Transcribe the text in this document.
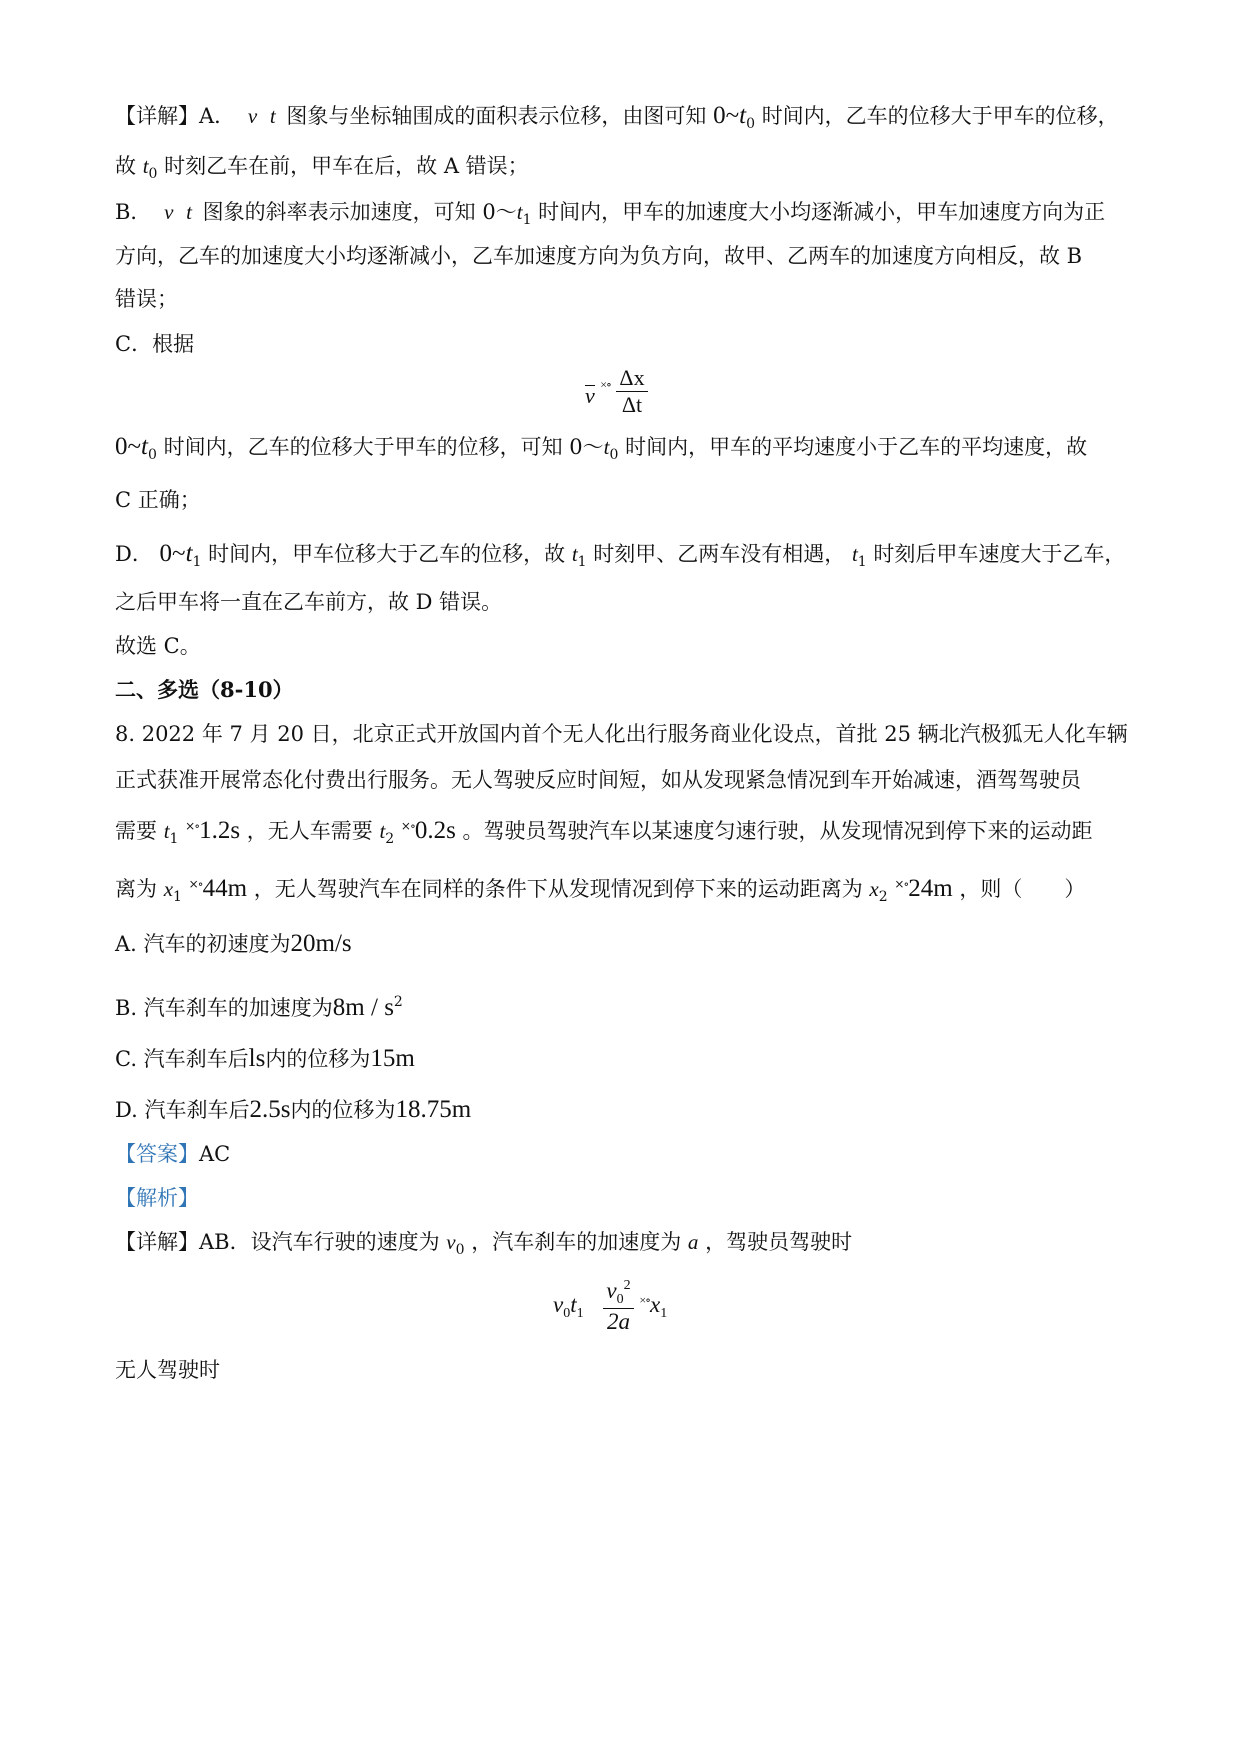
【详解】A． v t 图象与坐标轴围成的面积表示位移，由图可知 $0\sim t_0$ 时间内，乙车的位移大于甲车的位移，
故 $t_0$ 时刻乙车在前，甲车在后，故 A 错误；
B． v t 图象的斜率表示加速度，可知 $0\sim t_1$ 时间内，甲车的加速度大小均逐渐减小，甲车加速度方向为正
方向，乙车的加速度大小均逐渐减小，乙车加速度方向为负方向，故甲、乙两车的加速度方向相反，故 B
错误；
C．根据
v $^{\times\circ} \frac{\Delta x}{\Delta t}$
$0\sim t_0$ 时间内，乙车的位移大于甲车的位移，可知 $0\sim t_0$ 时间内，甲车的平均速度小于乙车的平均速度，故
C 正确；
D． $0\sim t_1$ 时间内，甲车位移大于乙车的位移，故 $t_1$ 时刻甲、乙两车没有相遇， $t_1$ 时刻后甲车速度大于乙车，
之后甲车将一直在乙车前方，故 D 错误。
故选 C。
二、多选（8-10）
8. 2022 年 7 月 20 日，北京正式开放国内首个无人化出行服务商业化设点，首批 25 辆北汽极狐无人化车辆
正式获准开展常态化付费出行服务。无人驾驶反应时间短，如从发现紧急情况到车开始减速，酒驾驾驶员
需要 $t_1$ ×∘1.2s ，无人车需要 $t_2$ ×∘0.2s 。驾驶员驾驶汽车以某速度匀速行驶，从发现情况到停下来的运动距
离为 $x_1$ ×∘44m ，无人驾驶汽车在同样的条件下从发现情况到停下来的运动距离为 $x_2$ ×∘24m ，则（　　）
A. 汽车的初速度为20m/s
B. 汽车刹车的加速度为$8m / s^2$
C. 汽车刹车后ls内的位移为15m
D. 汽车刹车后2.5s内的位移为18.75m
【答案】AC
【解析】
【详解】AB．设汽车行驶的速度为 $v_0$ ，汽车刹车的加速度为 a ，驾驶员驾驶时
$v_0t_1 \frac{v_0^2}{2a} ^{\times\circ}x_1$
无人驾驶时
